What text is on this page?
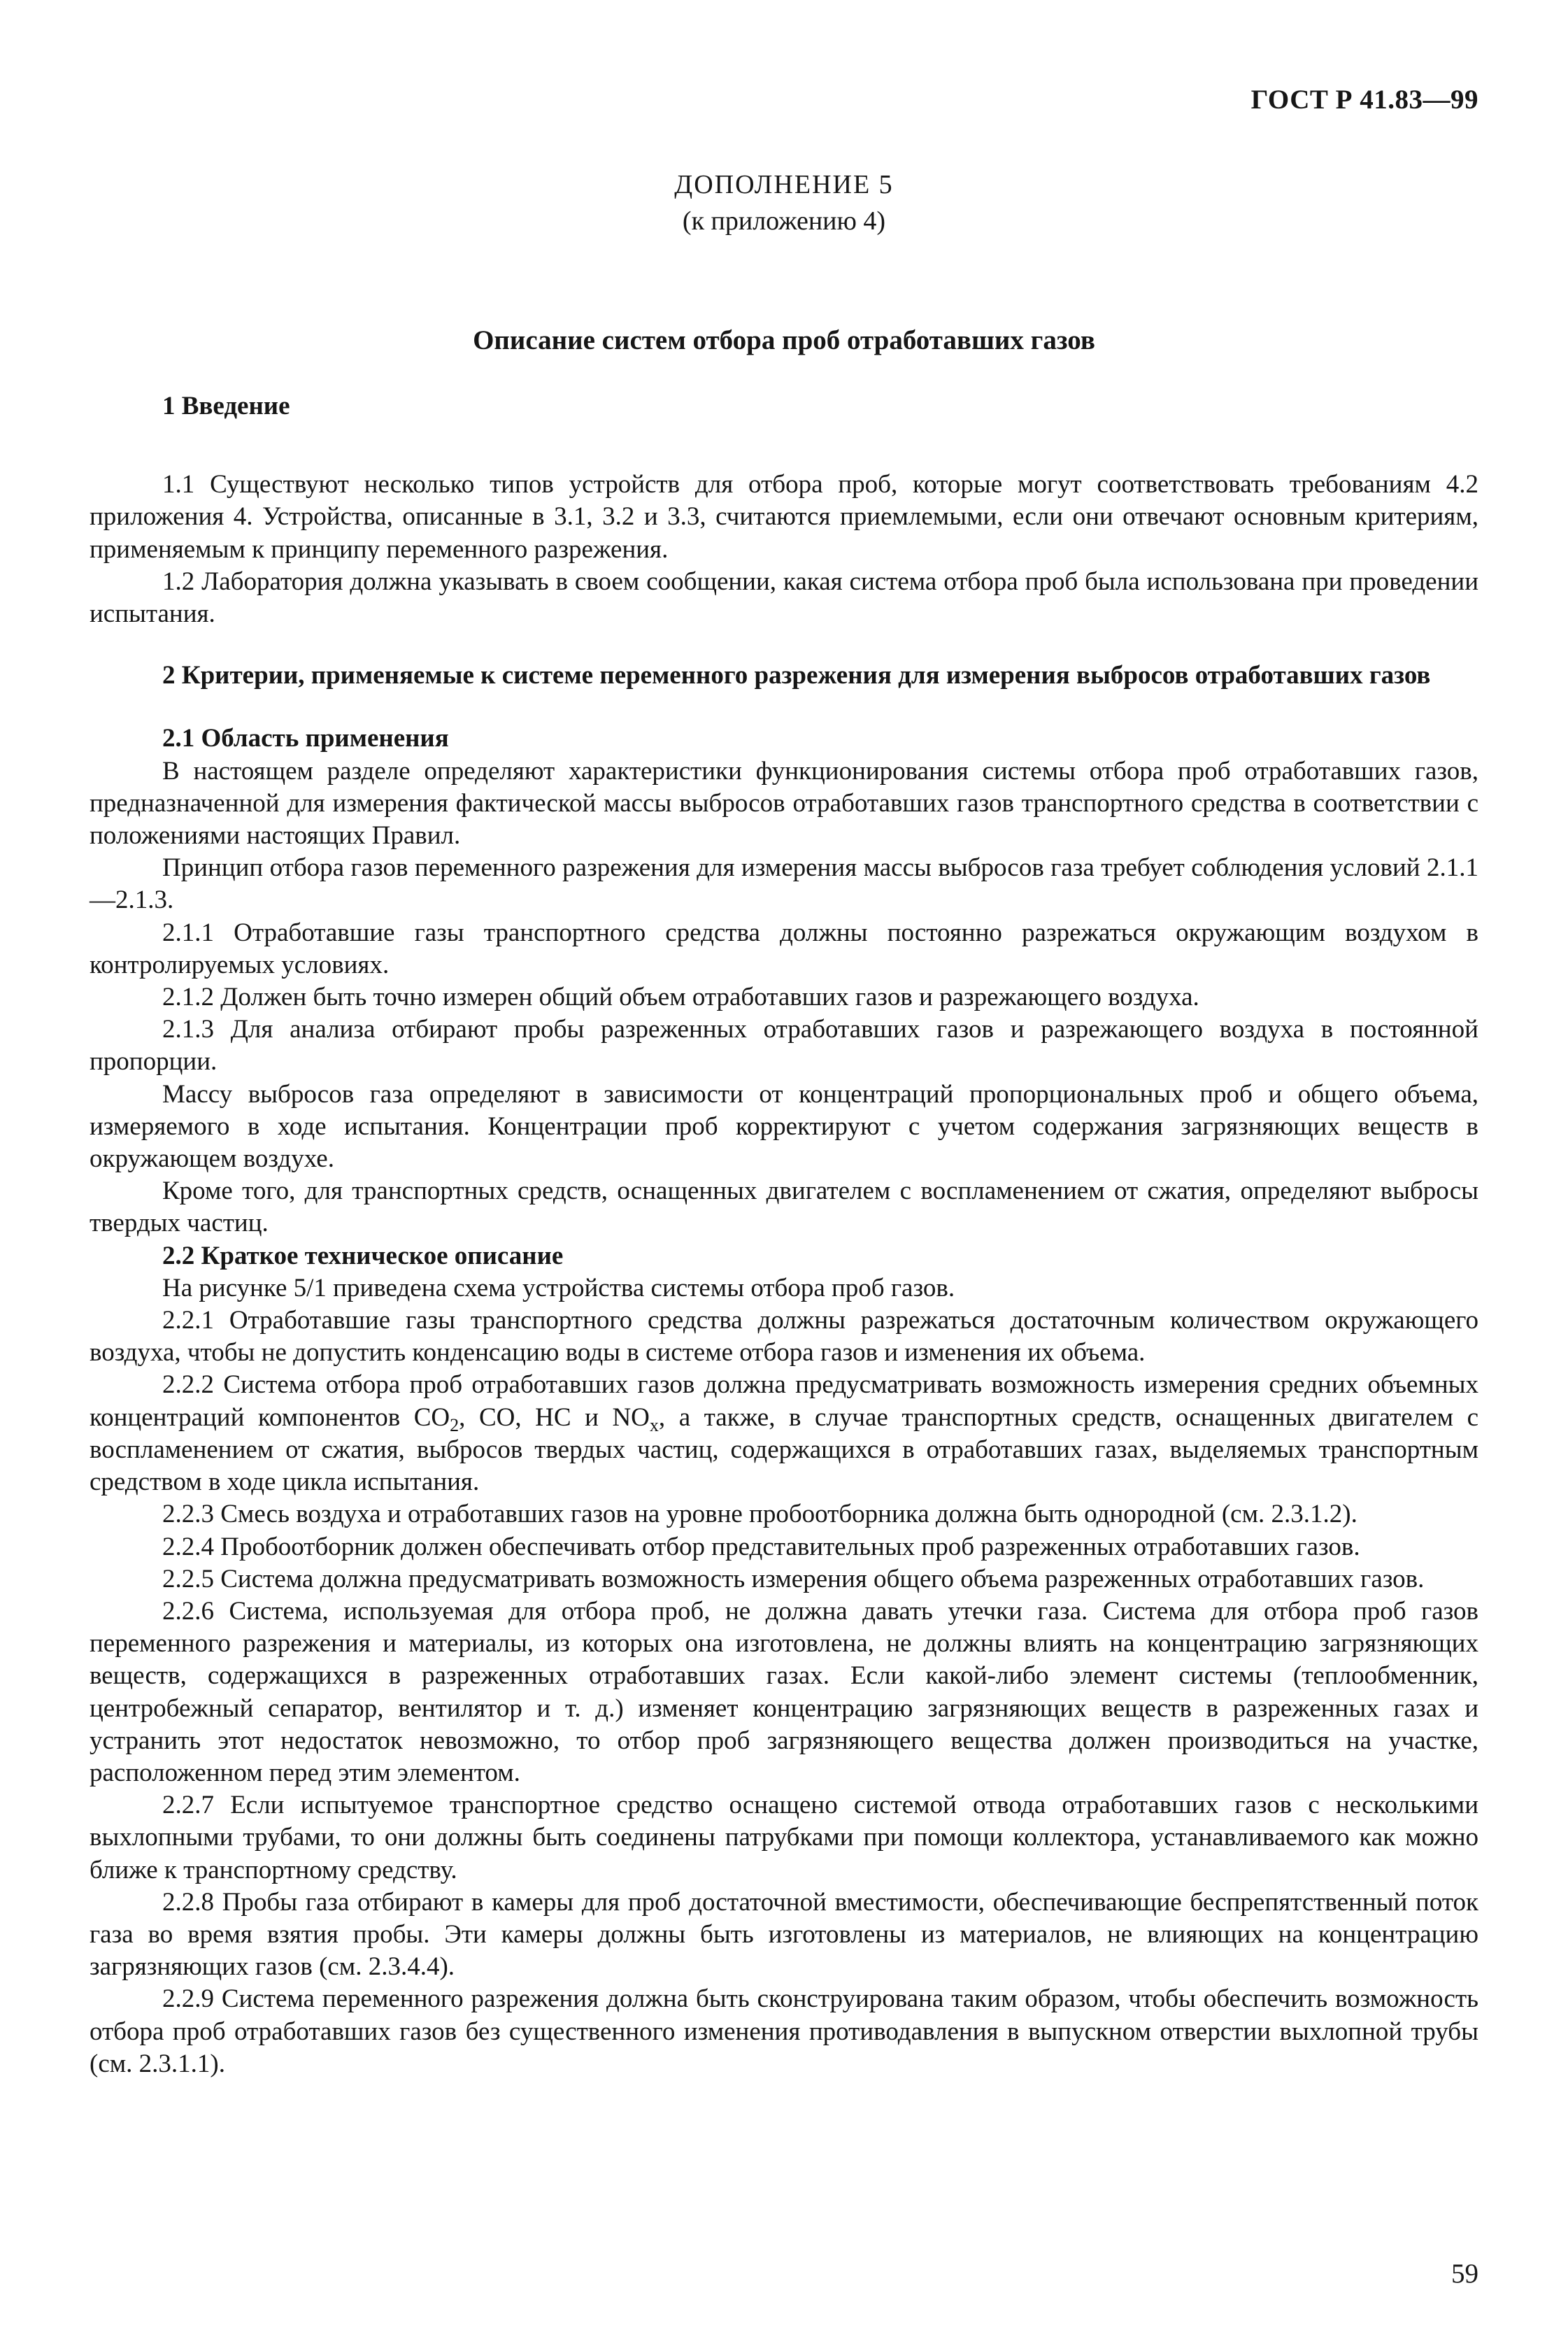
ГОСТ Р 41.83—99
ДОПОЛНЕНИЕ 5
(к приложению 4)
Описание систем отбора проб отработавших газов
1 Введение

1.1 Существуют несколько типов устройств для отбора проб, которые могут соответствовать требованиям 4.2 приложения 4. Устройства, описанные в 3.1, 3.2 и 3.3, считаются приемлемыми, если они отвечают основным критериям, применяемым к принципу переменного разрежения.

1.2 Лаборатория должна указывать в своем сообщении, какая система отбора проб была использована при проведении испытания.

2 Критерии, применяемые к системе переменного разрежения для измерения выбросов отработавших газов
2.1 Область применения

В настоящем разделе определяют характеристики функционирования системы отбора проб отработавших газов, предназначенной для измерения фактической массы выбросов отработавших газов транспортного средства в соответствии с положениями настоящих Правил.

Принцип отбора газов переменного разрежения для измерения массы выбросов газа требует соблюдения условий 2.1.1—2.1.3.

2.1.1 Отработавшие газы транспортного средства должны постоянно разрежаться окружающим воздухом в контролируемых условиях.

2.1.2 Должен быть точно измерен общий объем отработавших газов и разрежающего воздуха.

2.1.3 Для анализа отбирают пробы разреженных отработавших газов и разрежающего воздуха в постоянной пропорции.

Массу выбросов газа определяют в зависимости от концентраций пропорциональных проб и общего объема, измеряемого в ходе испытания. Концентрации проб корректируют с учетом содержания загрязняющих веществ в окружающем воздухе.

Кроме того, для транспортных средств, оснащенных двигателем с воспламенением от сжатия, определяют выбросы твердых частиц.

2.2 Краткое техническое описание

На рисунке 5/1 приведена схема устройства системы отбора проб газов.

2.2.1 Отработавшие газы транспортного средства должны разрежаться достаточным количеством окружающего воздуха, чтобы не допустить конденсацию воды в системе отбора газов и изменения их объема.

2.2.2 Система отбора проб отработавших газов должна предусматривать возможность измерения средних объемных концентраций компонентов $CO_2$, CO, HC и $NO_x$, а также, в случае транспортных средств, оснащенных двигателем с воспламенением от сжатия, выбросов твердых частиц, содержащихся в отработавших газах, выделяемых транспортным средством в ходе цикла испытания.

2.2.3 Смесь воздуха и отработавших газов на уровне пробоотборника должна быть однородной (см. 2.3.1.2).

2.2.4 Пробоотборник должен обеспечивать отбор представительных проб разреженных отработавших газов.

2.2.5 Система должна предусматривать возможность измерения общего объема разреженных отработавших газов.

2.2.6 Система, используемая для отбора проб, не должна давать утечки газа. Система для отбора проб газов переменного разрежения и материалы, из которых она изготовлена, не должны влиять на концентрацию загрязняющих веществ, содержащихся в разреженных отработавших газах. Если какой-либо элемент системы (теплообменник, центробежный сепаратор, вентилятор и т. д.) изменяет концентрацию загрязняющих веществ в разреженных газах и устранить этот недостаток невозможно, то отбор проб загрязняющего вещества должен производиться на участке, расположенном перед этим элементом.

2.2.7 Если испытуемое транспортное средство оснащено системой отвода отработавших газов с несколькими выхлопными трубами, то они должны быть соединены патрубками при помощи коллектора, устанавливаемого как можно ближе к транспортному средству.

2.2.8 Пробы газа отбирают в камеры для проб достаточной вместимости, обеспечивающие беспрепятственный поток газа во время взятия пробы. Эти камеры должны быть изготовлены из материалов, не влияющих на концентрацию загрязняющих газов (см. 2.3.4.4).

2.2.9 Система переменного разрежения должна быть сконструирована таким образом, чтобы обеспечить возможность отбора проб отработавших газов без существенного изменения противодавления в выпускном отверстии выхлопной трубы (см. 2.3.1.1).

59
